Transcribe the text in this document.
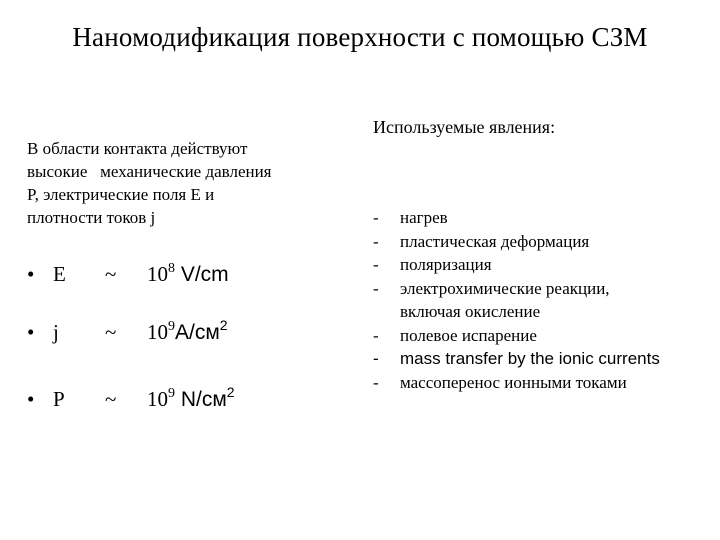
Наномодификация поверхности с помощью СЗМ
В области контакта действуют
высокие   механические давления
P, электрические поля E и
плотности токов j
• E ~ $10^8$ V/cm
• j ~ $10^9A/см^2$
• P ~ $10^9$ $N/см^2$
Используемые явления:
- нагрев
- пластическая деформация
- поляризация
- электрохимические реакции,
включая окисление
- полевое испарение
- mass transfer by the ionic currents
- массоперенос ионными токами
